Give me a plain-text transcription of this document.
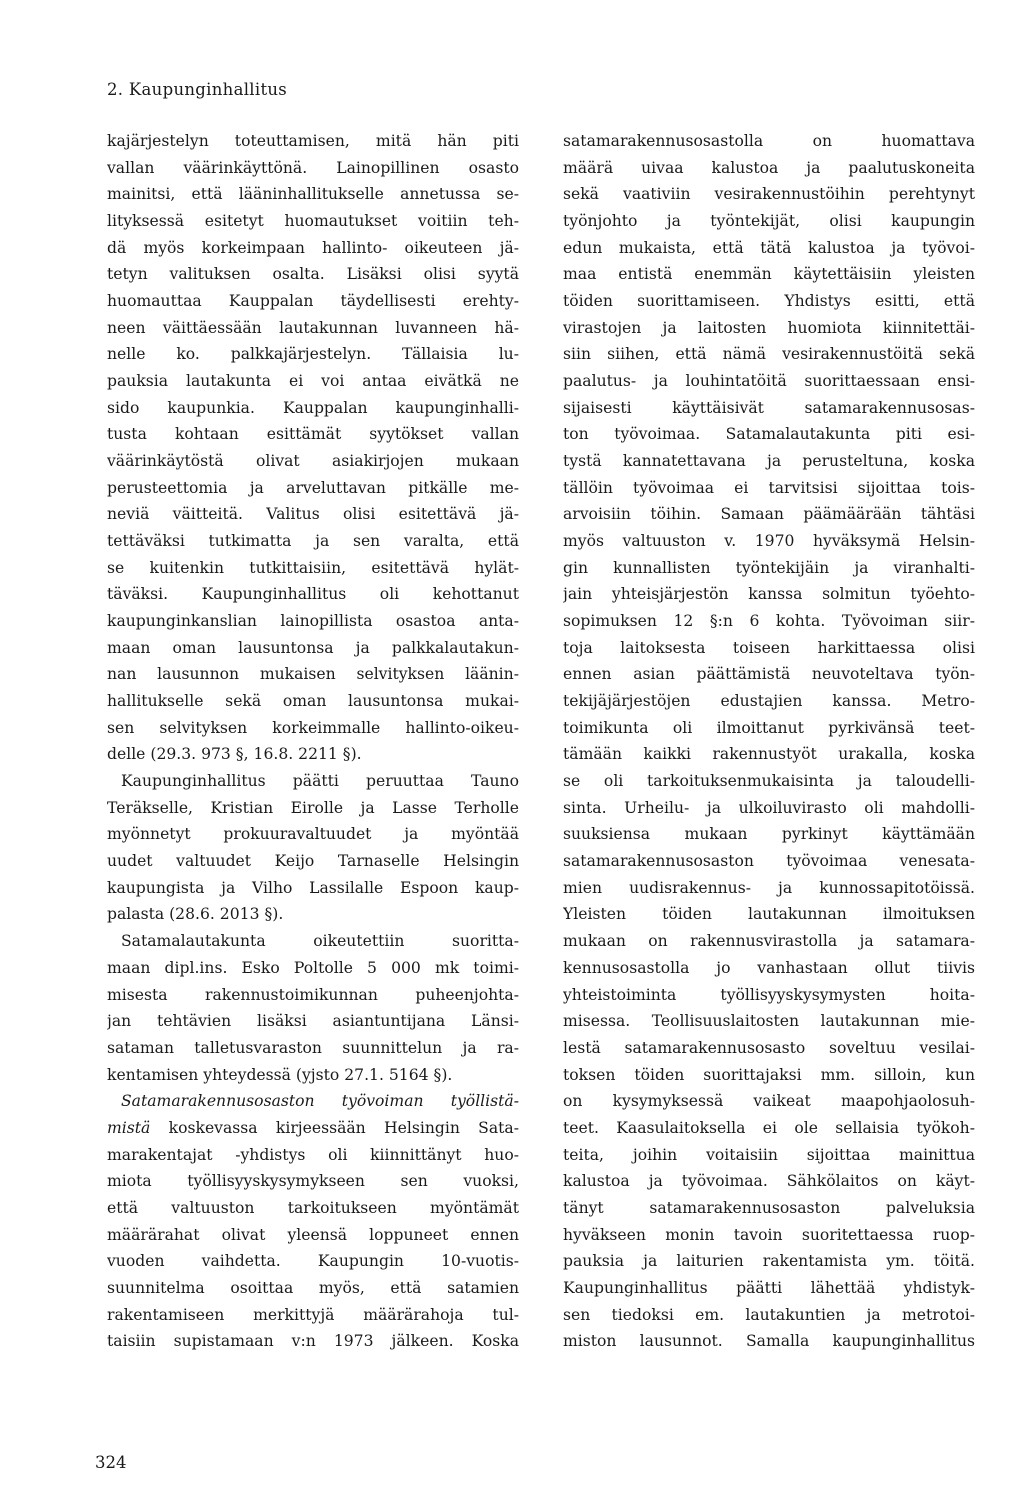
2. Kaupunginhallitus
kajärjestelyn toteuttamisen, mitä hän piti
vallan väärinkäyttönä. Lainopillinen osasto
mainitsi, että lääninhallitukselle annetussa se-
lityksessä esitetyt huomautukset voitiin teh-
dä myös korkeimpaan hallinto- oikeuteen jä-
tetyn valituksen osalta. Lisäksi olisi syytä
huomauttaa Kauppalan täydellisesti erehty-
neen väittäessään lautakunnan luvanneen hä-
nelle ko. palkkajärjestelyn. Tällaisia lu-
pauksia lautakunta ei voi antaa eivätkä ne
sido kaupunkia. Kauppalan kaupunginhalli-
tusta kohtaan esittämät syytökset vallan
väärinkäytöstä olivat asiakirjojen mukaan
perusteettomia ja arveluttavan pitkälle me-
neviä väitteitä. Valitus olisi esitettävä jä-
tettäväksi tutkimatta ja sen varalta, että
se kuitenkin tutkittaisiin, esitettävä hylät-
täväksi. Kaupunginhallitus oli kehottanut
kaupunginkanslian lainopillista osastoa anta-
maan oman lausuntonsa ja palkkalautakun-
nan lausunnon mukaisen selvityksen läänin-
hallitukselle sekä oman lausuntonsa mukai-
sen selvityksen korkeimmalle hallinto-oikeu-
delle (29.3. 973 §, 16.8. 2211 §).
Kaupunginhallitus päätti peruuttaa Tauno
Teräkselle, Kristian Eirolle ja Lasse Terholle
myönnetyt prokuuravaltuudet ja myöntää
uudet valtuudet Keijo Tarnaselle Helsingin
kaupungista ja Vilho Lassilalle Espoon kaup-
palasta (28.6. 2013 §).
Satamalautakunta oikeutettiin suoritta-
maan dipl.ins. Esko Poltolle 5 000 mk toimi-
misesta rakennustoimikunnan puheenjohta-
jan tehtävien lisäksi asiantuntijana Länsi-
sataman talletusvaraston suunnittelun ja ra-
kentamisen yhteydessä (yjsto 27.1. 5164 §).
Satamarakennusosaston työvoiman työllistä-
mistä koskevassa kirjeessään Helsingin Sata-
marakentajat -yhdistys oli kiinnittänyt huo-
miota työllisyyskysymykseen sen vuoksi,
että valtuuston tarkoitukseen myöntämät
määrärahat olivat yleensä loppuneet ennen
vuoden vaihdetta. Kaupungin 10-vuotis-
suunnitelma osoittaa myös, että satamien
rakentamiseen merkittyjä määrärahoja tul-
taisiin supistamaan v:n 1973 jälkeen. Koska
satamarakennusosastolla on huomattava
määrä uivaa kalustoa ja paalutuskoneita
sekä vaativiin vesirakennustöihin perehtynyt
työnjohto ja työntekijät, olisi kaupungin
edun mukaista, että tätä kalustoa ja työvoi-
maa entistä enemmän käytettäisiin yleisten
töiden suorittamiseen. Yhdistys esitti, että
virastojen ja laitosten huomiota kiinnitettäi-
siin siihen, että nämä vesirakennustöitä sekä
paalutus- ja louhintatöitä suorittaessaan ensi-
sijaisesti käyttäisivät satamarakennusosas-
ton työvoimaa. Satamalautakunta piti esi-
tystä kannatettavana ja perusteltuna, koska
tällöin työvoimaa ei tarvitsisi sijoittaa tois-
arvoisiin töihin. Samaan päämäärään tähtäsi
myös valtuuston v. 1970 hyväksymä Helsin-
gin kunnallisten työntekijäin ja viranhalti-
jain yhteisjärjestön kanssa solmitun työehto-
sopimuksen 12 §:n 6 kohta. Työvoiman siir-
toja laitoksesta toiseen harkittaessa olisi
ennen asian päättämistä neuvoteltava työn-
tekijäjärjestöjen edustajien kanssa. Metro-
toimikunta oli ilmoittanut pyrkivänsä teet-
tämään kaikki rakennustyöt urakalla, koska
se oli tarkoituksenmukaisinta ja taloudelli-
sinta. Urheilu- ja ulkoiluvirasto oli mahdolli-
suuksiensa mukaan pyrkinyt käyttämään
satamarakennusosaston työvoimaa venesata-
mien uudisrakennus- ja kunnossapitotöissä.
Yleisten töiden lautakunnan ilmoituksen
mukaan on rakennusvirastolla ja satamara-
kennusosastolla jo vanhastaan ollut tiivis
yhteistoiminta työllisyyskysymysten hoita-
misessa. Teollisuuslaitosten lautakunnan mie-
lestä satamarakennusosasto soveltuu vesilai-
toksen töiden suorittajaksi mm. silloin, kun
on kysymyksessä vaikeat maapohjaolosuh-
teet. Kaasulaitoksella ei ole sellaisia työkoh-
teita, joihin voitaisiin sijoittaa mainittua
kalustoa ja työvoimaa. Sähkölaitos on käyt-
tänyt satamarakennusosaston palveluksia
hyväkseen monin tavoin suoritettaessa ruop-
pauksia ja laiturien rakentamista ym. töitä.
Kaupunginhallitus päätti lähettää yhdistyk-
sen tiedoksi em. lautakuntien ja metrotoi-
miston lausunnot. Samalla kaupunginhallitus
324
